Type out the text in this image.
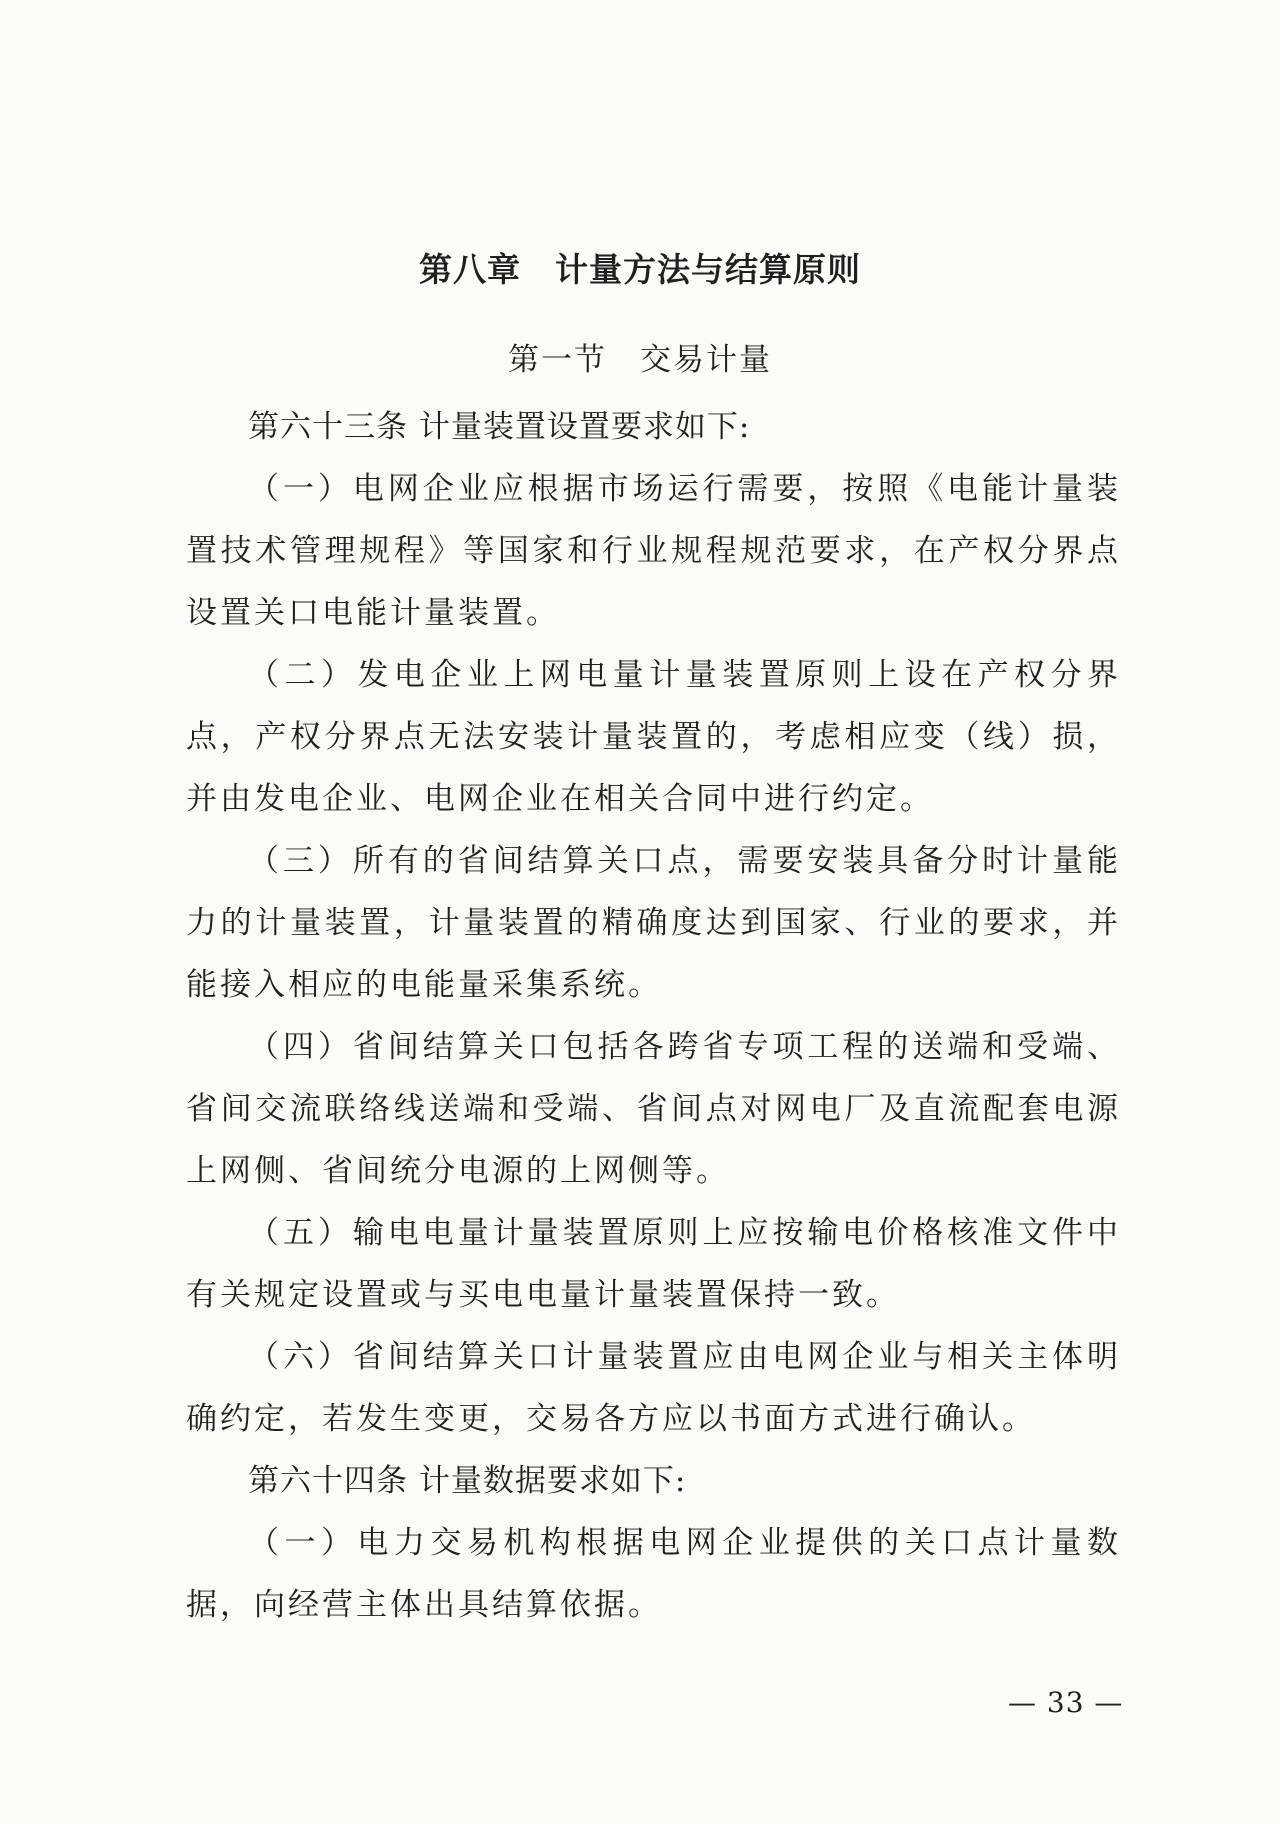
第八章　计量方法与结算原则
第一节　交易计量

第六十三条 计量装置设置要求如下:

（一）电网企业应根据市场运行需要，按照《电能计量装置技术管理规程》等国家和行业规程规范要求，在产权分界点设置关口电能计量装置。

（二）发电企业上网电量计量装置原则上设在产权分界点，产权分界点无法安装计量装置的，考虑相应变（线）损，并由发电企业、电网企业在相关合同中进行约定。

（三）所有的省间结算关口点，需要安装具备分时计量能力的计量装置，计量装置的精确度达到国家、行业的要求，并能接入相应的电能量采集系统。

（四）省间结算关口包括各跨省专项工程的送端和受端、省间交流联络线送端和受端、省间点对网电厂及直流配套电源上网侧、省间统分电源的上网侧等。

（五）输电电量计量装置原则上应按输电价格核准文件中有关规定设置或与买电电量计量装置保持一致。

（六）省间结算关口计量装置应由电网企业与相关主体明确约定，若发生变更，交易各方应以书面方式进行确认。

第六十四条 计量数据要求如下:

（一）电力交易机构根据电网企业提供的关口点计量数据，向经营主体出具结算依据。

— 33 —
